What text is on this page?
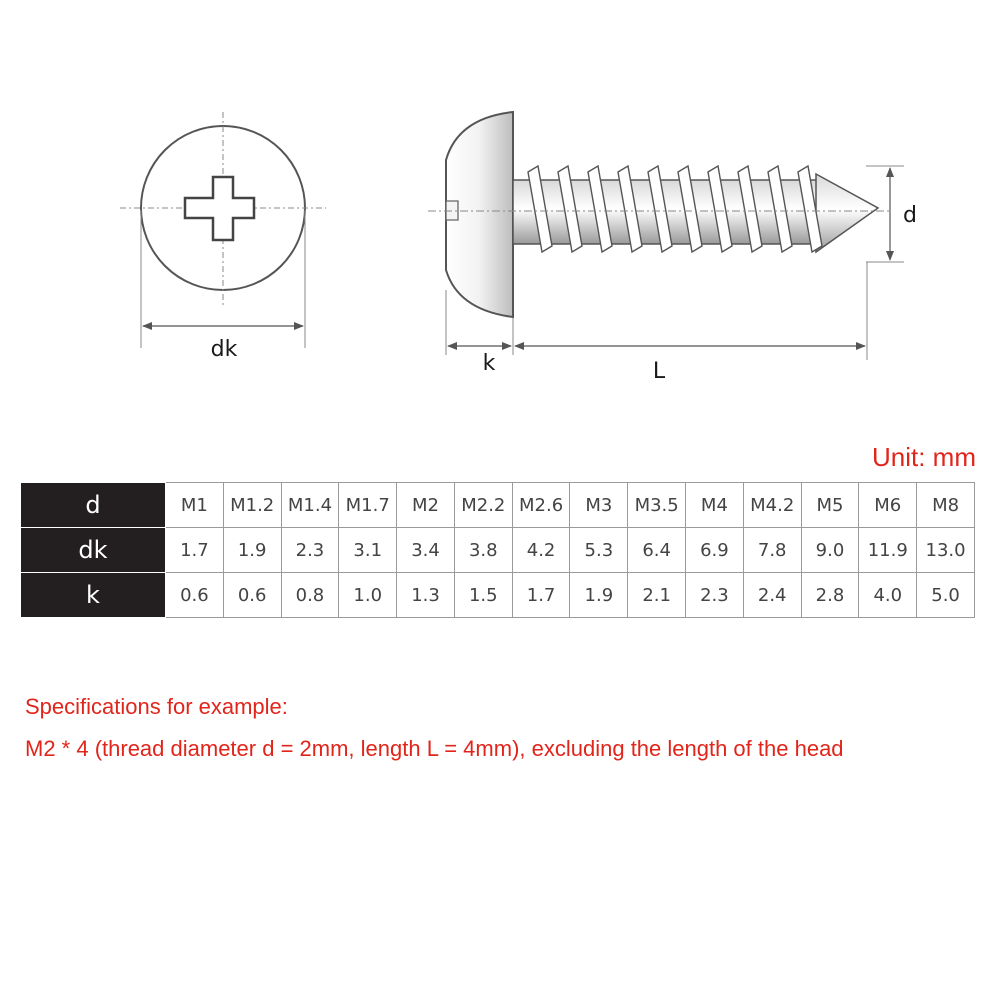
dk
k	L
d
Unit: mm
d	M1	M1.2	M1.4	M1.7	M2	M2.2	M2.6	M3	M3.5	M4	M4.2	M5	M6	M8
dk	1.7	1.9	2.3	3.1	3.4	3.8	4.2	5.3	6.4	6.9	7.8	9.0	11.9	13.0
k	0.6	0.6	0.8	1.0	1.3	1.5	1.7	1.9	2.1	2.3	2.4	2.8	4.0	5.0
Specifications for example:
M2 * 4 (thread diameter d = 2mm, length L = 4mm), excluding the length of the head
